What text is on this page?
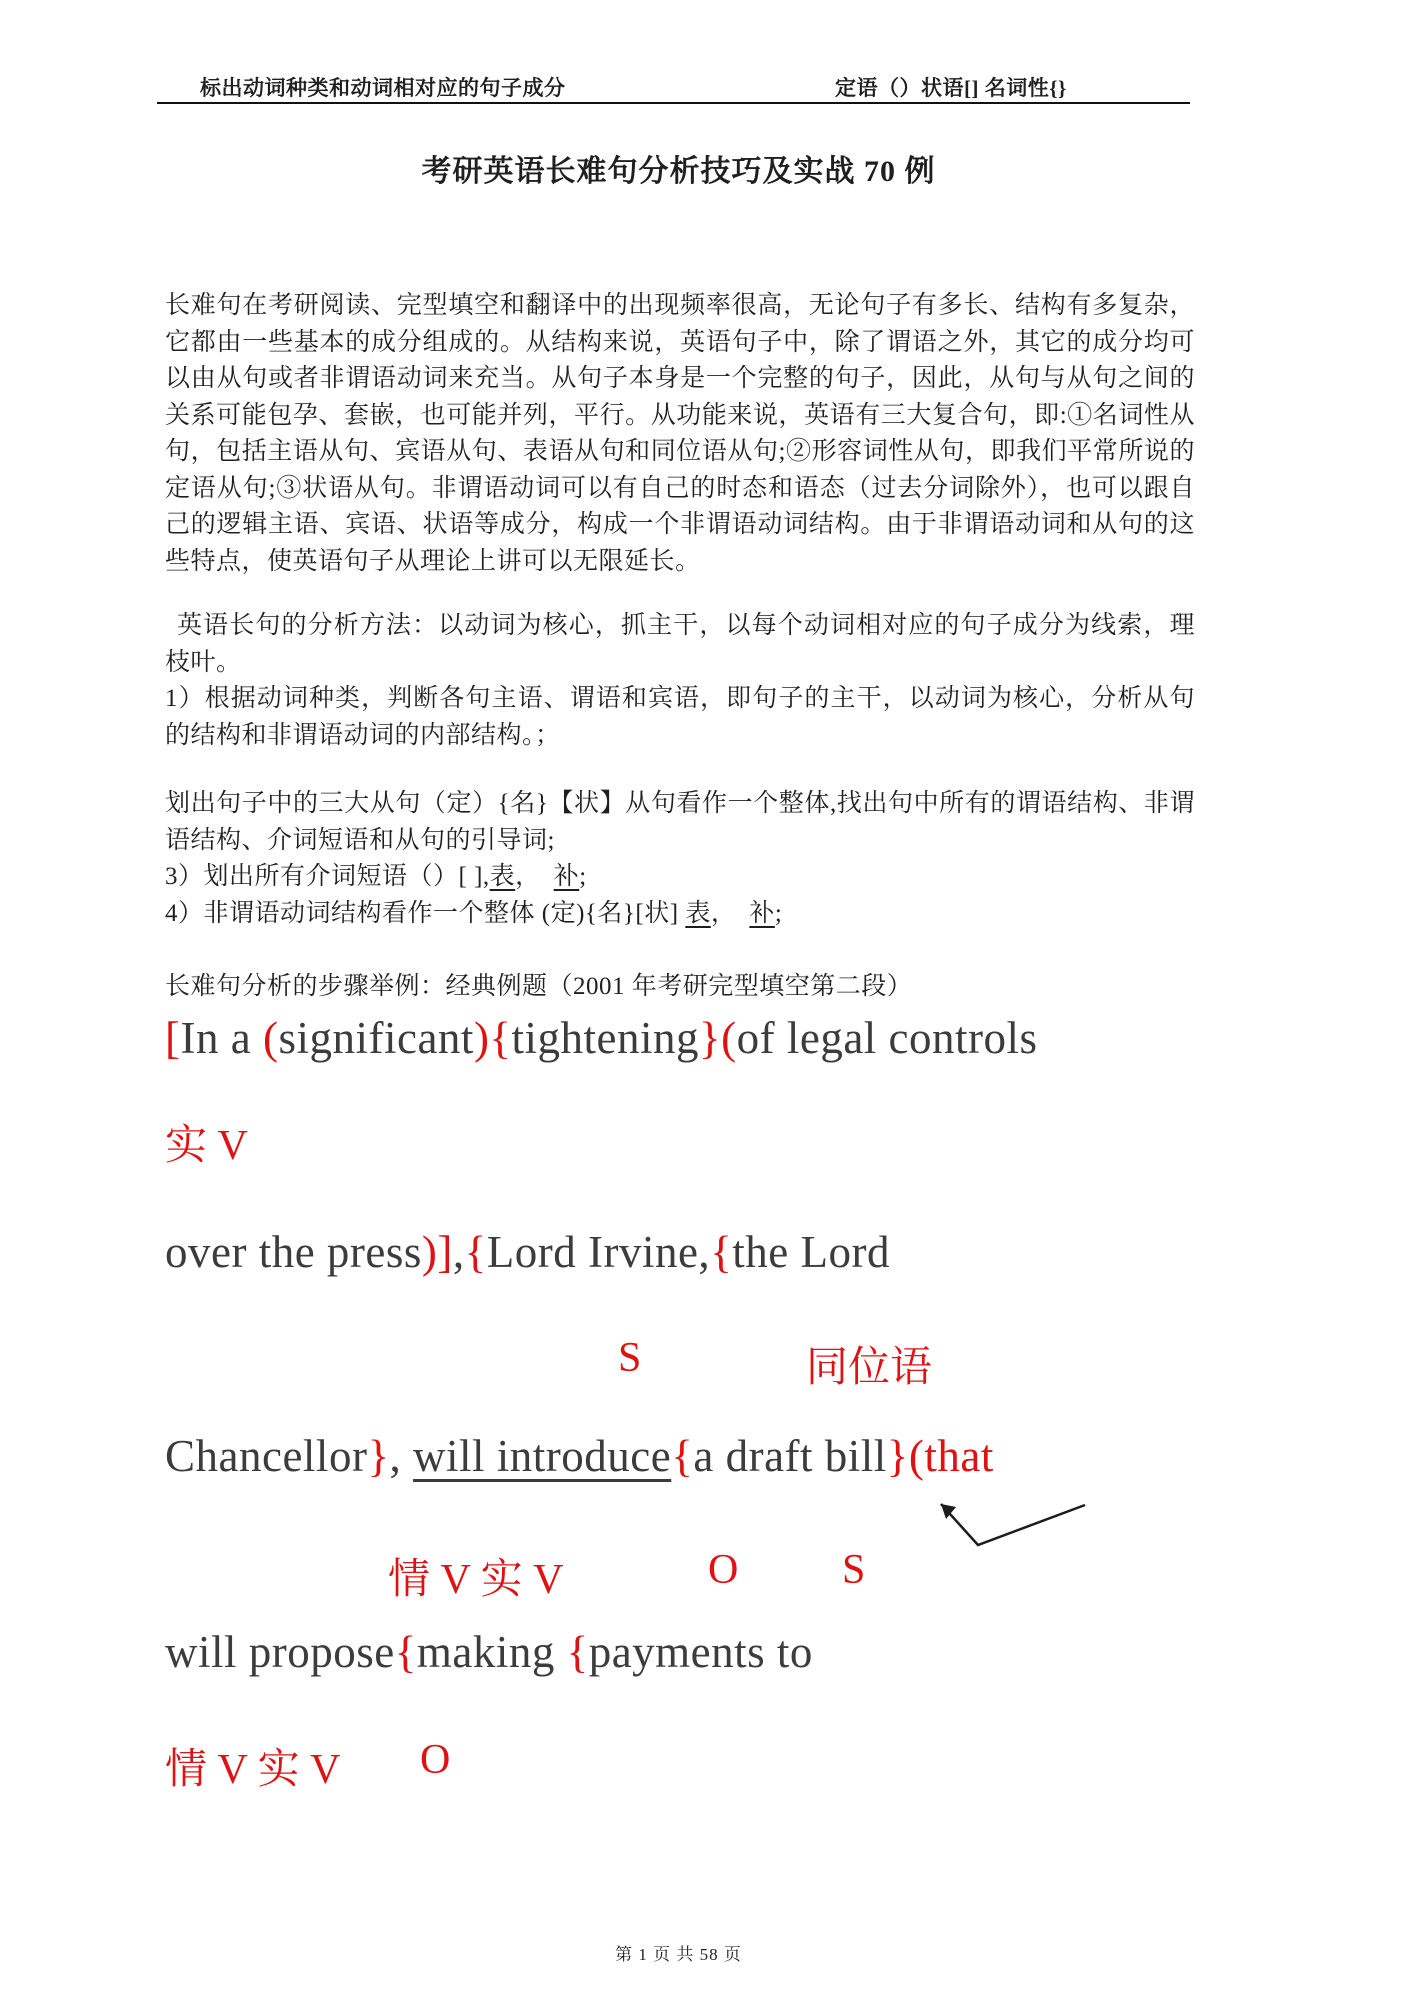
标出动词种类和动词相对应的句子成分	定语（）状语[] 名词性{}
考研英语长难句分析技巧及实战 70 例

长难句在考研阅读、完型填空和翻译中的出现频率很高，无论句子有多长、结构有多复杂，它都由一些基本的成分组成的。从结构来说，英语句子中，除了谓语之外，其它的成分均可以由从句或者非谓语动词来充当。从句子本身是一个完整的句子，因此，从句与从句之间的关系可能包孕、套嵌，也可能并列，平行。从功能来说，英语有三大复合句，即:①名词性从句，包括主语从句、宾语从句、表语从句和同位语从句;②形容词性从句，即我们平常所说的定语从句;③状语从句。非谓语动词可以有自己的时态和语态（过去分词除外），也可以跟自己的逻辑主语、宾语、状语等成分，构成一个非谓语动词结构。由于非谓语动词和从句的这些特点，使英语句子从理论上讲可以无限延长。

英语长句的分析方法：以动词为核心，抓主干，以每个动词相对应的句子成分为线索，理枝叶。

1）根据动词种类，判断各句主语、谓语和宾语，即句子的主干，以动词为核心，分析从句的结构和非谓语动词的内部结构。；

划出句子中的三大从句（定）{名}【状】从句看作一个整体,找出句中所有的谓语结构、非谓语结构、介词短语和从句的引导词;

3）划出所有介词短语（）[ ],表，　补;

4）非谓语动词结构看作一个整体 (定){名}[状] 表，　补;

长难句分析的步骤举例：经典例题（2001 年考研完型填空第二段）

[In a (significant){tightening}(of legal controls
实 V
over the press)],{Lord Irvine,{the Lord
S	同位语
Chancellor}, will introduce{a draft bill}(that
情 V 实 V	O S
will propose{making {payments to
情 V 实 V O
第 1 页 共 58 页
